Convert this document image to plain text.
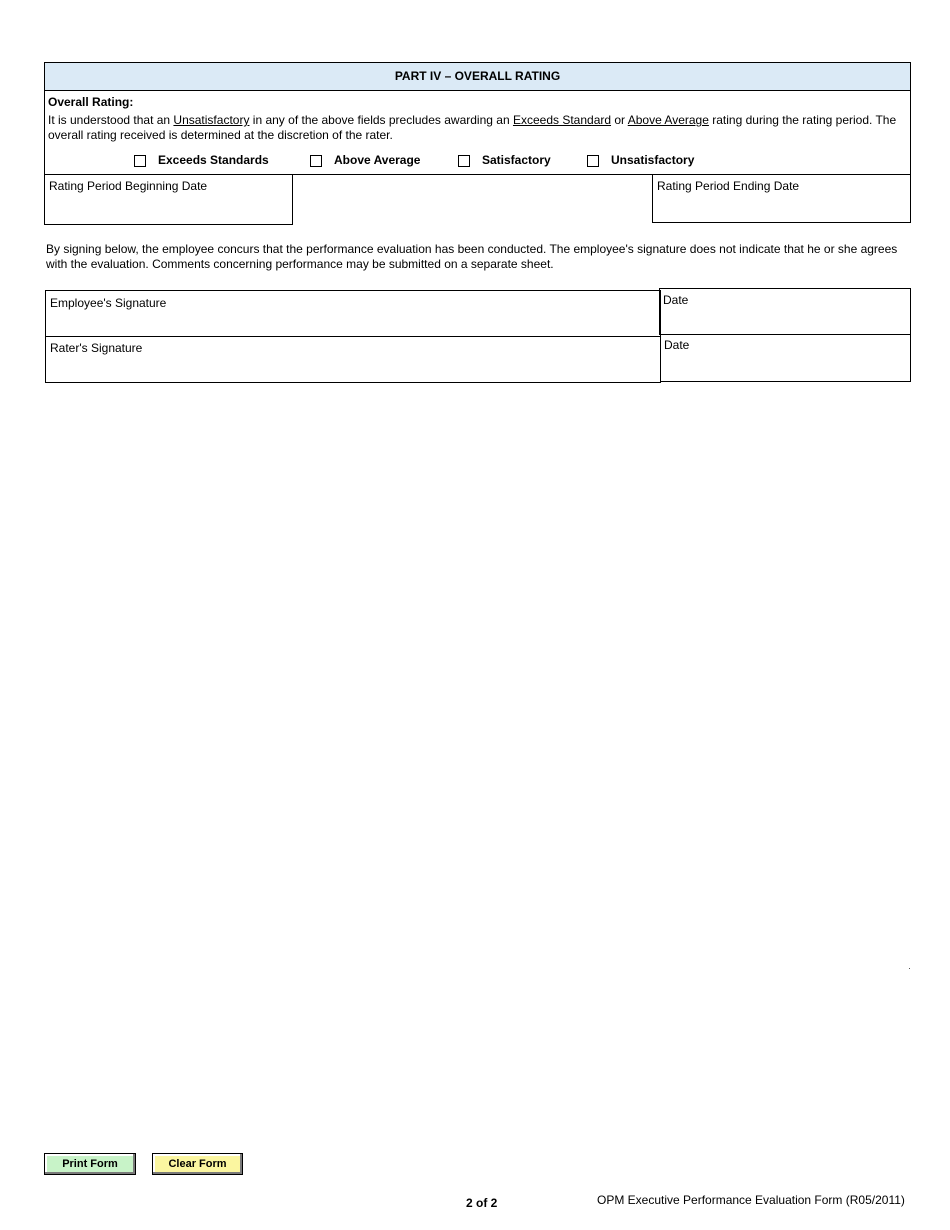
PART IV – OVERALL RATING
Overall Rating:
It is understood that an Unsatisfactory in any of the above fields precludes awarding an Exceeds Standard or Above Average rating during the rating period. The overall rating received is determined at the discretion of the rater.
Exceeds Standards	Above Average	Satisfactory	Unsatisfactory
Rating Period Beginning Date	Rating Period Ending Date
By signing below, the employee concurs that the performance evaluation has been conducted. The employee's signature does not indicate that he or she agrees with the evaluation. Comments concerning performance may be submitted on a separate sheet.
Employee's Signature	Date
Rater's Signature	Date
Print Form	Clear Form
2 of 2	OPM Executive Performance Evaluation Form (R05/2011)
